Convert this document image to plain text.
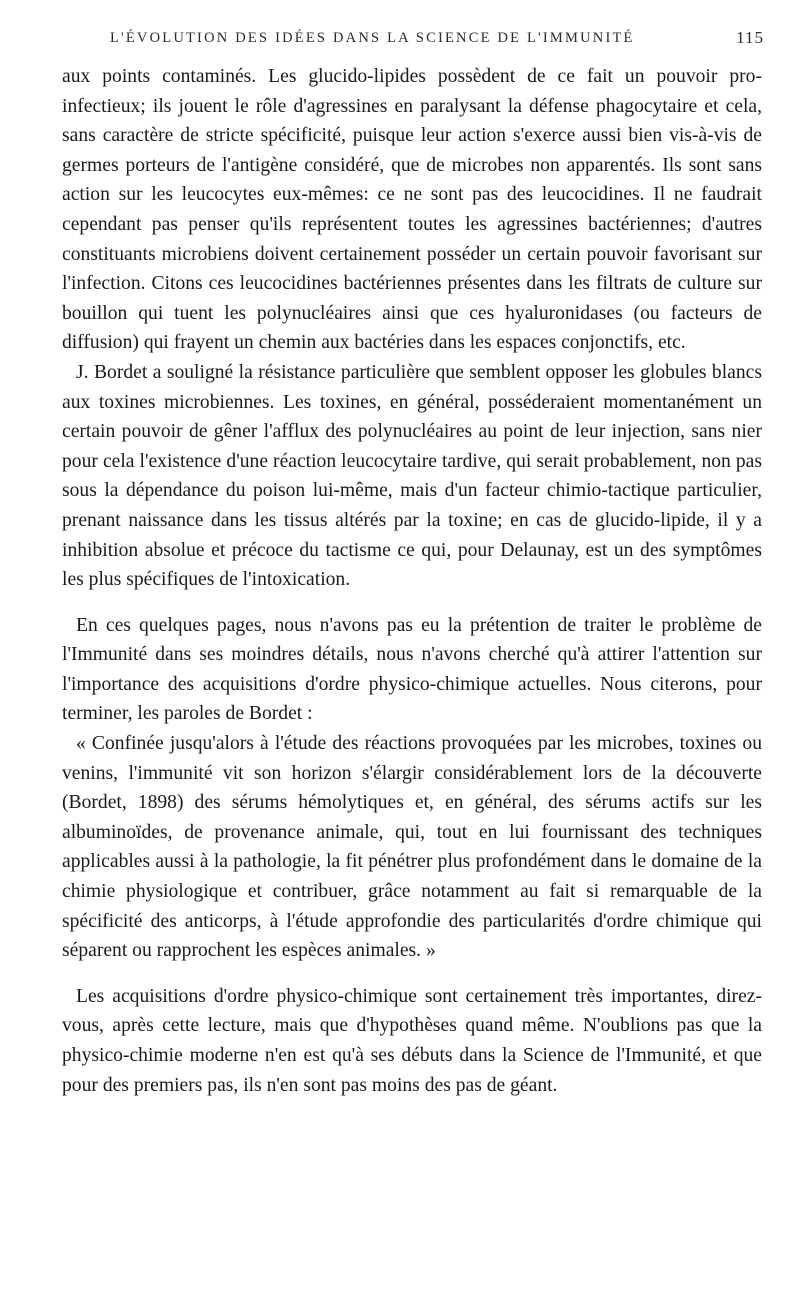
L'ÉVOLUTION DES IDÉES DANS LA SCIENCE DE L'IMMUNITÉ	115

aux points contaminés. Les glucido-lipides possèdent de ce fait un pouvoir pro-infectieux; ils jouent le rôle d'agressines en paralysant la défense phagocytaire et cela, sans caractère de stricte spécificité, puisque leur action s'exerce aussi bien vis-à-vis de germes porteurs de l'antigène considéré, que de microbes non apparentés. Ils sont sans action sur les leucocytes eux-mêmes: ce ne sont pas des leucocidines. Il ne faudrait cependant pas penser qu'ils représentent toutes les agressines bactériennes; d'autres constituants microbiens doivent certainement posséder un certain pouvoir favorisant sur l'infection. Citons ces leucocidines bactériennes présentes dans les filtrats de culture sur bouillon qui tuent les polynucléaires ainsi que ces hyaluronidases (ou facteurs de diffusion) qui frayent un chemin aux bactéries dans les espaces conjonctifs, etc.

J. Bordet a souligné la résistance particulière que semblent opposer les globules blancs aux toxines microbiennes. Les toxines, en général, posséderaient momentanément un certain pouvoir de gêner l'afflux des polynucléaires au point de leur injection, sans nier pour cela l'existence d'une réaction leucocytaire tardive, qui serait probablement, non pas sous la dépendance du poison lui-même, mais d'un facteur chimio-tactique particulier, prenant naissance dans les tissus altérés par la toxine; en cas de glucido-lipide, il y a inhibition absolue et précoce du tactisme ce qui, pour Delaunay, est un des symptômes les plus spécifiques de l'intoxication.

En ces quelques pages, nous n'avons pas eu la prétention de traiter le problème de l'Immunité dans ses moindres détails, nous n'avons cherché qu'à attirer l'attention sur l'importance des acquisitions d'ordre physico-chimique actuelles. Nous citerons, pour terminer, les paroles de Bordet :

« Confinée jusqu'alors à l'étude des réactions provoquées par les microbes, toxines ou venins, l'immunité vit son horizon s'élargir considérablement lors de la découverte (Bordet, 1898) des sérums hémolytiques et, en général, des sérums actifs sur les albuminoïdes, de provenance animale, qui, tout en lui fournissant des techniques applicables aussi à la pathologie, la fit pénétrer plus profondément dans le domaine de la chimie physiologique et contribuer, grâce notamment au fait si remarquable de la spécificité des anticorps, à l'étude approfondie des particularités d'ordre chimique qui séparent ou rapprochent les espèces animales. »

Les acquisitions d'ordre physico-chimique sont certainement très importantes, direz-vous, après cette lecture, mais que d'hypothèses quand même. N'oublions pas que la physico-chimie moderne n'en est qu'à ses débuts dans la Science de l'Immunité, et que pour des premiers pas, ils n'en sont pas moins des pas de géant.
